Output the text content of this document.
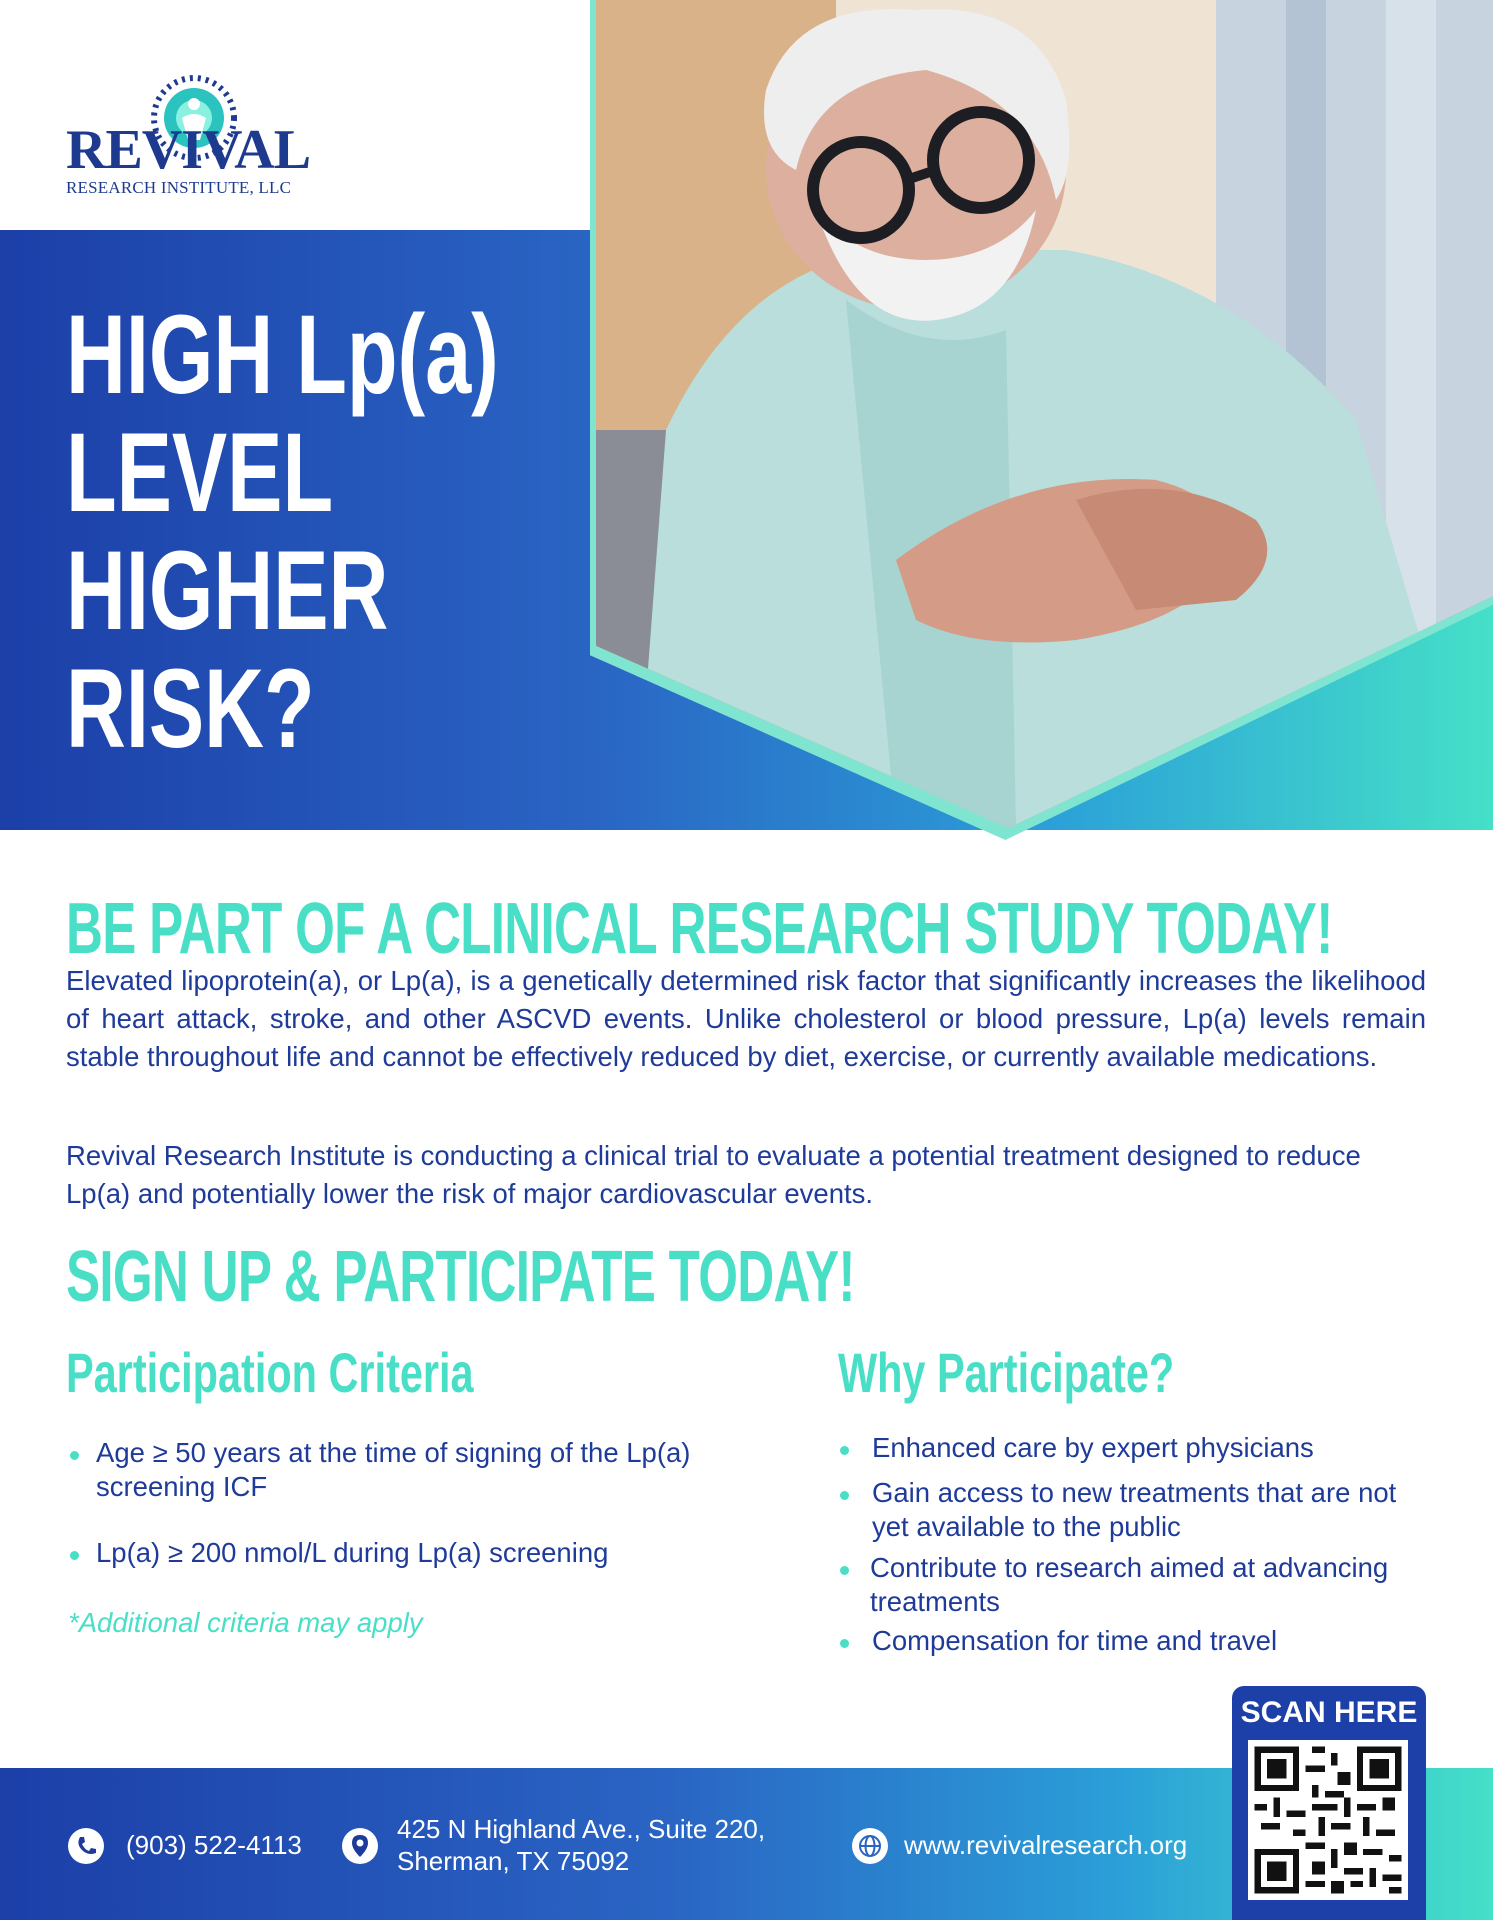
REVIVAL
RESEARCH INSTITUTE, LLC
HIGH Lp(a)
LEVEL
HIGHER
RISK?
BE PART OF A CLINICAL RESEARCH STUDY TODAY!
Elevated lipoprotein(a), or Lp(a), is a genetically determined risk factor that significantly increases the likelihood of heart attack, stroke, and other ASCVD events. Unlike cholesterol or blood pressure, Lp(a) levels remain stable throughout life and cannot be effectively reduced by diet, exercise, or currently available medications.
Revival Research Institute is conducting a clinical trial to evaluate a potential treatment designed to reduce Lp(a) and potentially lower the risk of major cardiovascular events.
SIGN UP & PARTICIPATE TODAY!
Participation Criteria
Age ≥ 50 years at the time of signing of the Lp(a) screening ICF
Lp(a) ≥ 200 nmol/L during Lp(a) screening
*Additional criteria may apply
Why Participate?
Enhanced care by expert physicians
Gain access to new treatments that are not yet available to the public
Contribute to research aimed at advancing treatments
Compensation for time and travel
(903) 522-4113
425 N Highland Ave., Suite 220,
Sherman, TX 75092
www.revivalresearch.org
SCAN HERE
